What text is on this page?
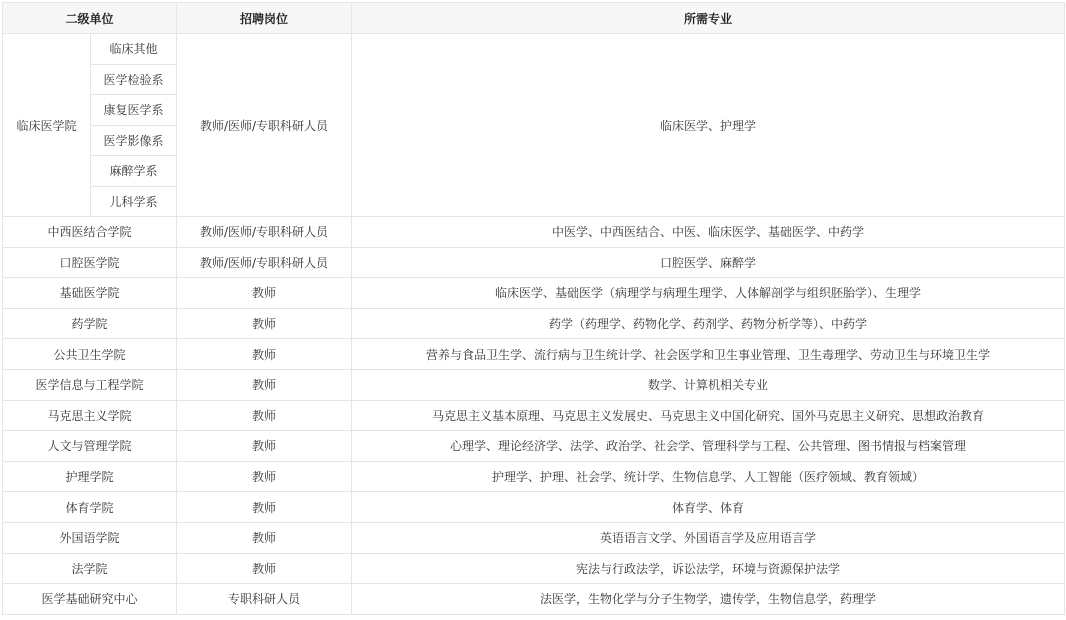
二级单位		招聘岗位	所需专业
临床医学院	临床其他	教师/医师/专职科研人员	临床医学、护理学
	医学检验系		
	康复医学系		
	医学影像系		
	麻醉学系		
	儿科学系		
中西医结合学院		教师/医师/专职科研人员	中医学、中西医结合、中医、临床医学、基础医学、中药学
口腔医学院		教师/医师/专职科研人员	口腔医学、麻醉学
基础医学院		教师	临床医学、基础医学（病理学与病理生理学、人体解剖学与组织胚胎学）、生理学
药学院		教师	药学（药理学、药物化学、药剂学、药物分析学等）、中药学
公共卫生学院		教师	营养与食品卫生学、流行病与卫生统计学、社会医学和卫生事业管理、卫生毒理学、劳动卫生与环境卫生学
医学信息与工程学院		教师	数学、计算机相关专业
马克思主义学院		教师	马克思主义基本原理、马克思主义发展史、马克思主义中国化研究、国外马克思主义研究、思想政治教育
人文与管理学院		教师	心理学、理论经济学、法学、政治学、社会学、管理科学与工程、公共管理、图书情报与档案管理
护理学院		教师	护理学、护理、社会学、统计学、生物信息学、人工智能（医疗领域、教育领域）
体育学院		教师	体育学、体育
外国语学院		教师	英语语言文学、外国语言学及应用语言学
法学院		教师	宪法与行政法学，诉讼法学，环境与资源保护法学
医学基础研究中心		专职科研人员	法医学，生物化学与分子生物学，遗传学，生物信息学，药理学
